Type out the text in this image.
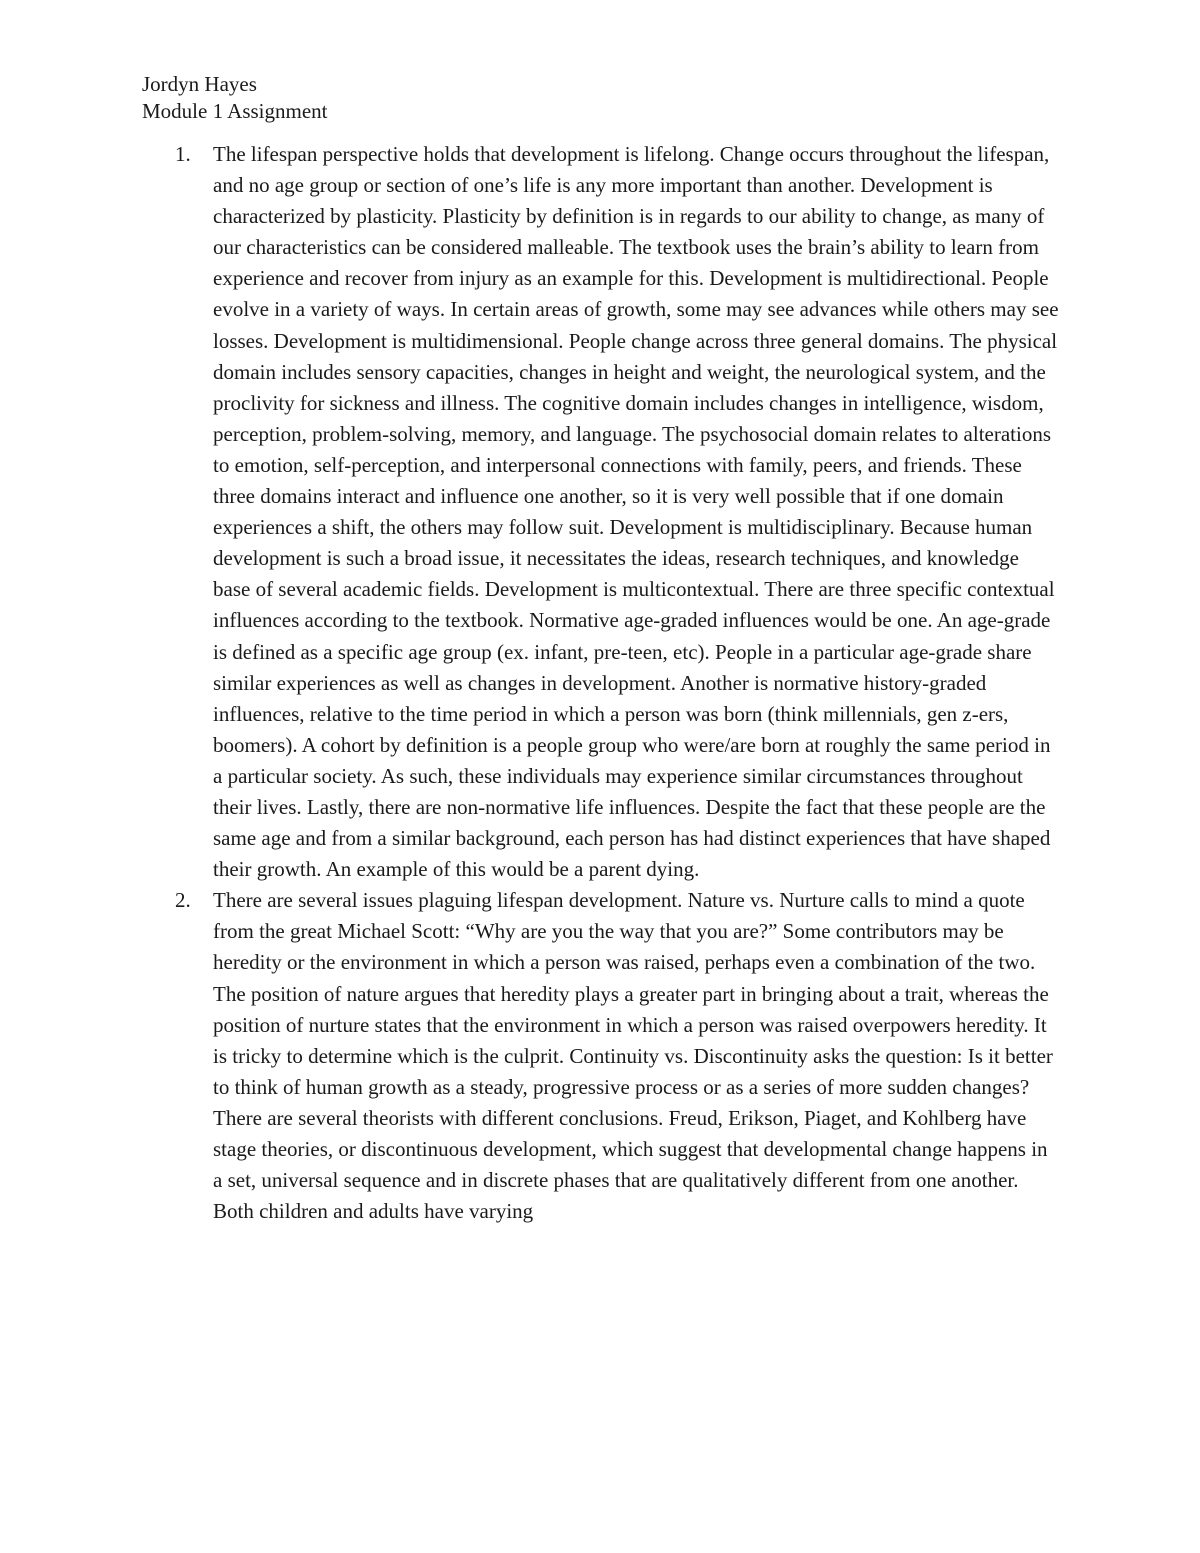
Jordyn Hayes
Module 1 Assignment
1. The lifespan perspective holds that development is lifelong. Change occurs throughout the lifespan, and no age group or section of one’s life is any more important than another. Development is characterized by plasticity. Plasticity by definition is in regards to our ability to change, as many of our characteristics can be considered malleable. The textbook uses the brain’s ability to learn from experience and recover from injury as an example for this. Development is multidirectional. People evolve in a variety of ways. In certain areas of growth, some may see advances while others may see losses. Development is multidimensional. People change across three general domains. The physical domain includes sensory capacities, changes in height and weight, the neurological system, and the proclivity for sickness and illness. The cognitive domain includes changes in intelligence, wisdom, perception, problem-solving, memory, and language. The psychosocial domain relates to alterations to emotion, self-perception, and interpersonal connections with family, peers, and friends. These three domains interact and influence one another, so it is very well possible that if one domain experiences a shift, the others may follow suit. Development is multidisciplinary. Because human development is such a broad issue, it necessitates the ideas, research techniques, and knowledge base of several academic fields. Development is multicontextual. There are three specific contextual influences according to the textbook. Normative age-graded influences would be one. An age-grade is defined as a specific age group (ex. infant, pre-teen, etc). People in a particular age-grade share similar experiences as well as changes in development. Another is normative history-graded influences, relative to the time period in which a person was born (think millennials, gen z-ers, boomers). A cohort by definition is a people group who were/are born at roughly the same period in a particular society. As such, these individuals may experience similar circumstances throughout their lives. Lastly, there are non-normative life influences. Despite the fact that these people are the same age and from a similar background, each person has had distinct experiences that have shaped their growth. An example of this would be a parent dying.
2. There are several issues plaguing lifespan development. Nature vs. Nurture calls to mind a quote from the great Michael Scott: “Why are you the way that you are?” Some contributors may be heredity or the environment in which a person was raised, perhaps even a combination of the two. The position of nature argues that heredity plays a greater part in bringing about a trait, whereas the position of nurture states that the environment in which a person was raised overpowers heredity. It is tricky to determine which is the culprit. Continuity vs. Discontinuity asks the question: Is it better to think of human growth as a steady, progressive process or as a series of more sudden changes? There are several theorists with different conclusions. Freud, Erikson, Piaget, and Kohlberg have stage theories, or discontinuous development, which suggest that developmental change happens in a set, universal sequence and in discrete phases that are qualitatively different from one another. Both children and adults have varying
